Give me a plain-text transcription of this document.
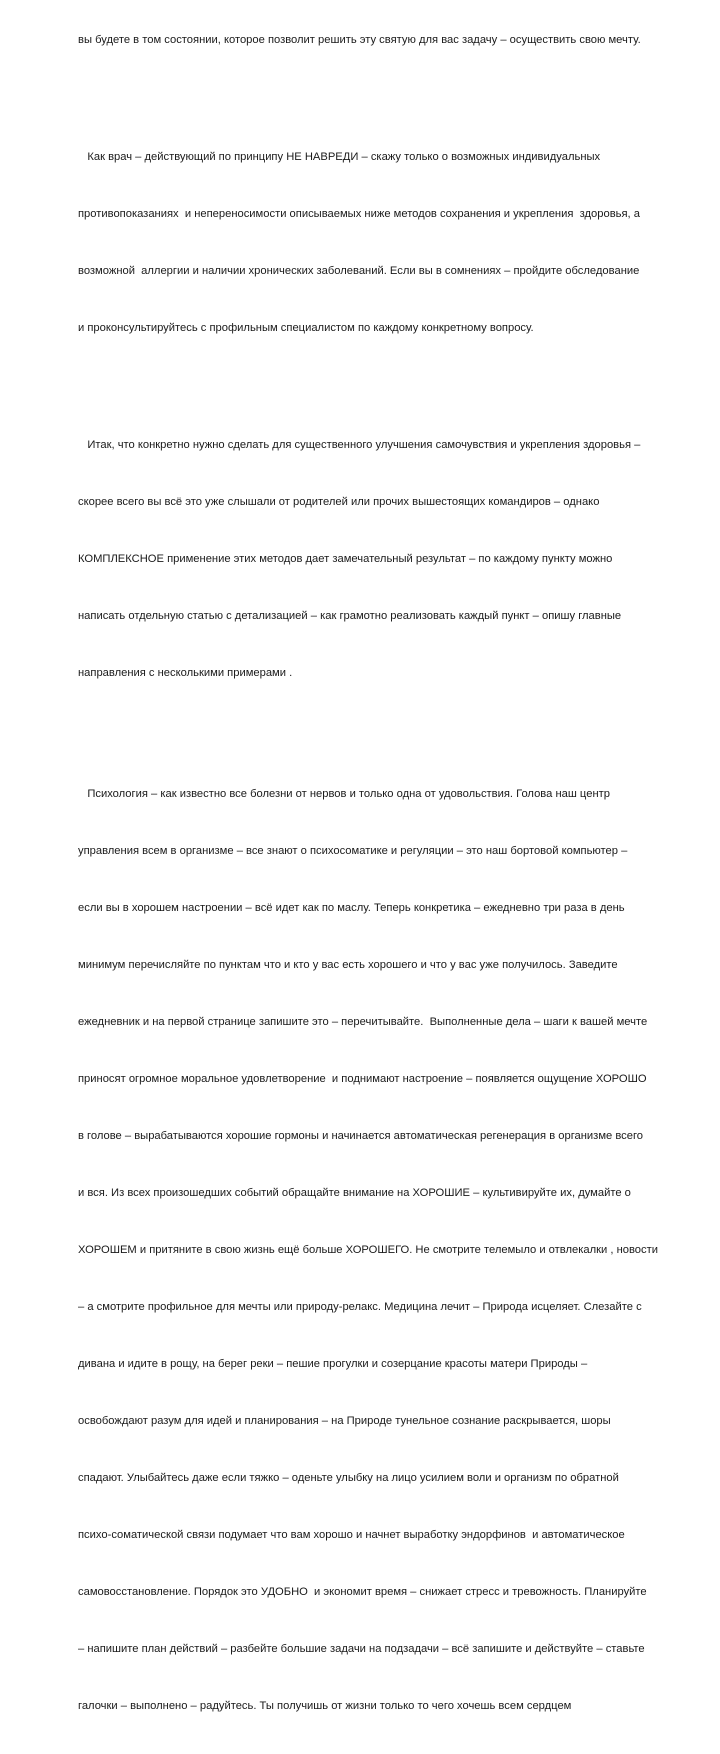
вы будете в том состоянии, которое позволит решить эту святую для вас задачу – осуществить свою мечту.

Как врач – действующий по принципу НЕ НАВРЕДИ – скажу только о возможных индивидуальных

противопоказаниях  и непереносимости описываемых ниже методов сохранения и укрепления  здоровья, а

возможной  аллергии и наличии хронических заболеваний. Если вы в сомнениях – пройдите обследование

и проконсультируйтесь с профильным специалистом по каждому конкретному вопросу.

Итак, что конкретно нужно сделать для существенного улучшения самочувствия и укрепления здоровья –

скорее всего вы всё это уже слышали от родителей или прочих вышестоящих командиров – однако

КОМПЛЕКСНОЕ применение этих методов дает замечательный результат – по каждому пункту можно

написать отдельную статью с детализацией – как грамотно реализовать каждый пункт – опишу главные

направления с несколькими примерами .

Психология – как известно все болезни от нервов и только одна от удовольствия. Голова наш центр

управления всем в организме – все знают о психосоматике и регуляции – это наш бортовой компьютер –

если вы в хорошем настроении – всё идет как по маслу. Теперь конкретика – ежедневно три раза в день

минимум перечисляйте по пунктам что и кто у вас есть хорошего и что у вас уже получилось. Заведите

ежедневник и на первой странице запишите это – перечитывайте.  Выполненные дела – шаги к вашей мечте

приносят огромное моральное удовлетворение  и поднимают настроение – появляется ощущение ХОРОШО

в голове – вырабатываются хорошие гормоны и начинается автоматическая регенерация в организме всего

и вся. Из всех произошедших событий обращайте внимание на ХОРОШИЕ – культивируйте их, думайте о

ХОРОШЕМ и притяните в свою жизнь ещё больше ХОРОШЕГО. Не смотрите телемыло и отвлекалки , новости

– а смотрите профильное для мечты или природу-релакс. Медицина лечит – Природа исцеляет. Слезайте с

дивана и идите в рощу, на берег реки – пешие прогулки и созерцание красоты матери Природы –

освобождают разум для идей и планирования – на Природе тунельное сознание раскрывается, шоры

спадают. Улыбайтесь даже если тяжко – оденьте улыбку на лицо усилием воли и организм по обратной

психо-соматической связи подумает что вам хорошо и начнет выработку эндорфинов  и автоматическое

самовосстановление. Порядок это УДОБНО  и экономит время – снижает стресс и тревожность. Планируйте

– напишите план действий – разбейте большие задачи на подзадачи – всё запишите и действуйте – ставьте

галочки – выполнено – радуйтесь. Ты получишь от жизни только то чего хочешь всем сердцем
